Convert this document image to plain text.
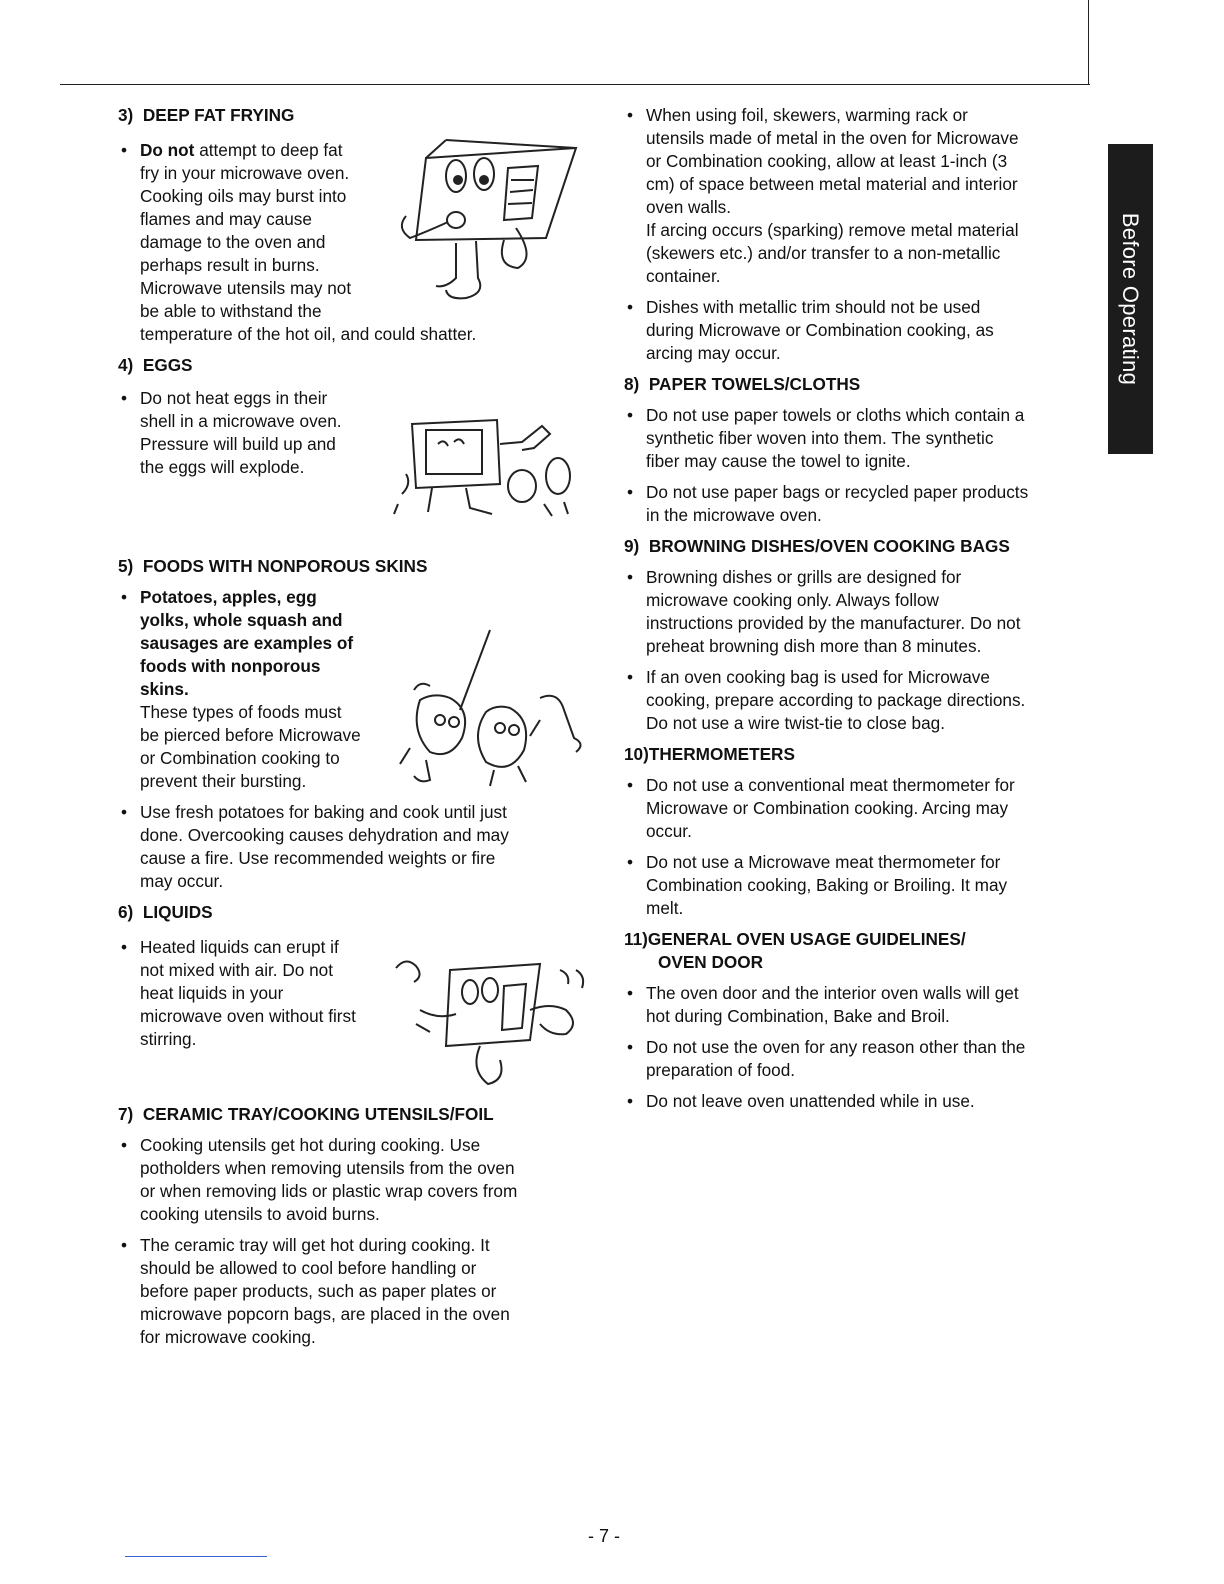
3) DEEP FAT FRYING

• Do not attempt to deep fat
fry in your microwave oven.
Cooking oils may burst into
flames and may cause
damage to the oven and
perhaps result in burns.
Microwave utensils may not
be able to withstand the
temperature of the hot oil, and could shatter.

4) EGGS

• Do not heat eggs in their
shell in a microwave oven.
Pressure will build up and
the eggs will explode.

5) FOODS WITH NONPOROUS SKINS

• Potatoes, apples, egg
yolks, whole squash and
sausages are examples of
foods with nonporous
skins.
These types of foods must
be pierced before Microwave
or Combination cooking to
prevent their bursting.
• Use fresh potatoes for baking and cook until just
done. Overcooking causes dehydration and may
cause a fire. Use recommended weights or fire
may occur.

6) LIQUIDS

• Heated liquids can erupt if
not mixed with air. Do not
heat liquids in your
microwave oven without first
stirring.

7) CERAMIC TRAY/COOKING UTENSILS/FOIL

• Cooking utensils get hot during cooking. Use
potholders when removing utensils from the oven
or when removing lids or plastic wrap covers from
cooking utensils to avoid burns.
• The ceramic tray will get hot during cooking. It
should be allowed to cool before handling or
before paper products, such as paper plates or
microwave popcorn bags, are placed in the oven
for microwave cooking.
• When using foil, skewers, warming rack or
utensils made of metal in the oven for Microwave
or Combination cooking, allow at least 1-inch (3
cm) of space between metal material and interior
oven walls.
If arcing occurs (sparking) remove metal material
(skewers etc.) and/or transfer to a non-metallic
container.
• Dishes with metallic trim should not be used
during Microwave or Combination cooking, as
arcing may occur.

8) PAPER TOWELS/CLOTHS

• Do not use paper towels or cloths which contain a
synthetic fiber woven into them. The synthetic
fiber may cause the towel to ignite.
• Do not use paper bags or recycled paper products
in the microwave oven.

9) BROWNING DISHES/OVEN COOKING BAGS

• Browning dishes or grills are designed for
microwave cooking only. Always follow
instructions provided by the manufacturer. Do not
preheat browning dish more than 8 minutes.
• If an oven cooking bag is used for Microwave
cooking, prepare according to package directions.
Do not use a wire twist-tie to close bag.

10)THERMOMETERS

• Do not use a conventional meat thermometer for
Microwave or Combination cooking. Arcing may
occur.
• Do not use a Microwave meat thermometer for
Combination cooking, Baking or Broiling. It may
melt.

11)GENERAL OVEN USAGE GUIDELINES/
OVEN DOOR

• The oven door and the interior oven walls will get
hot during Combination, Bake and Broil.
• Do not use the oven for any reason other than the
preparation of food.
• Do not leave oven unattended while in use.
Before Operating
- 7 -
